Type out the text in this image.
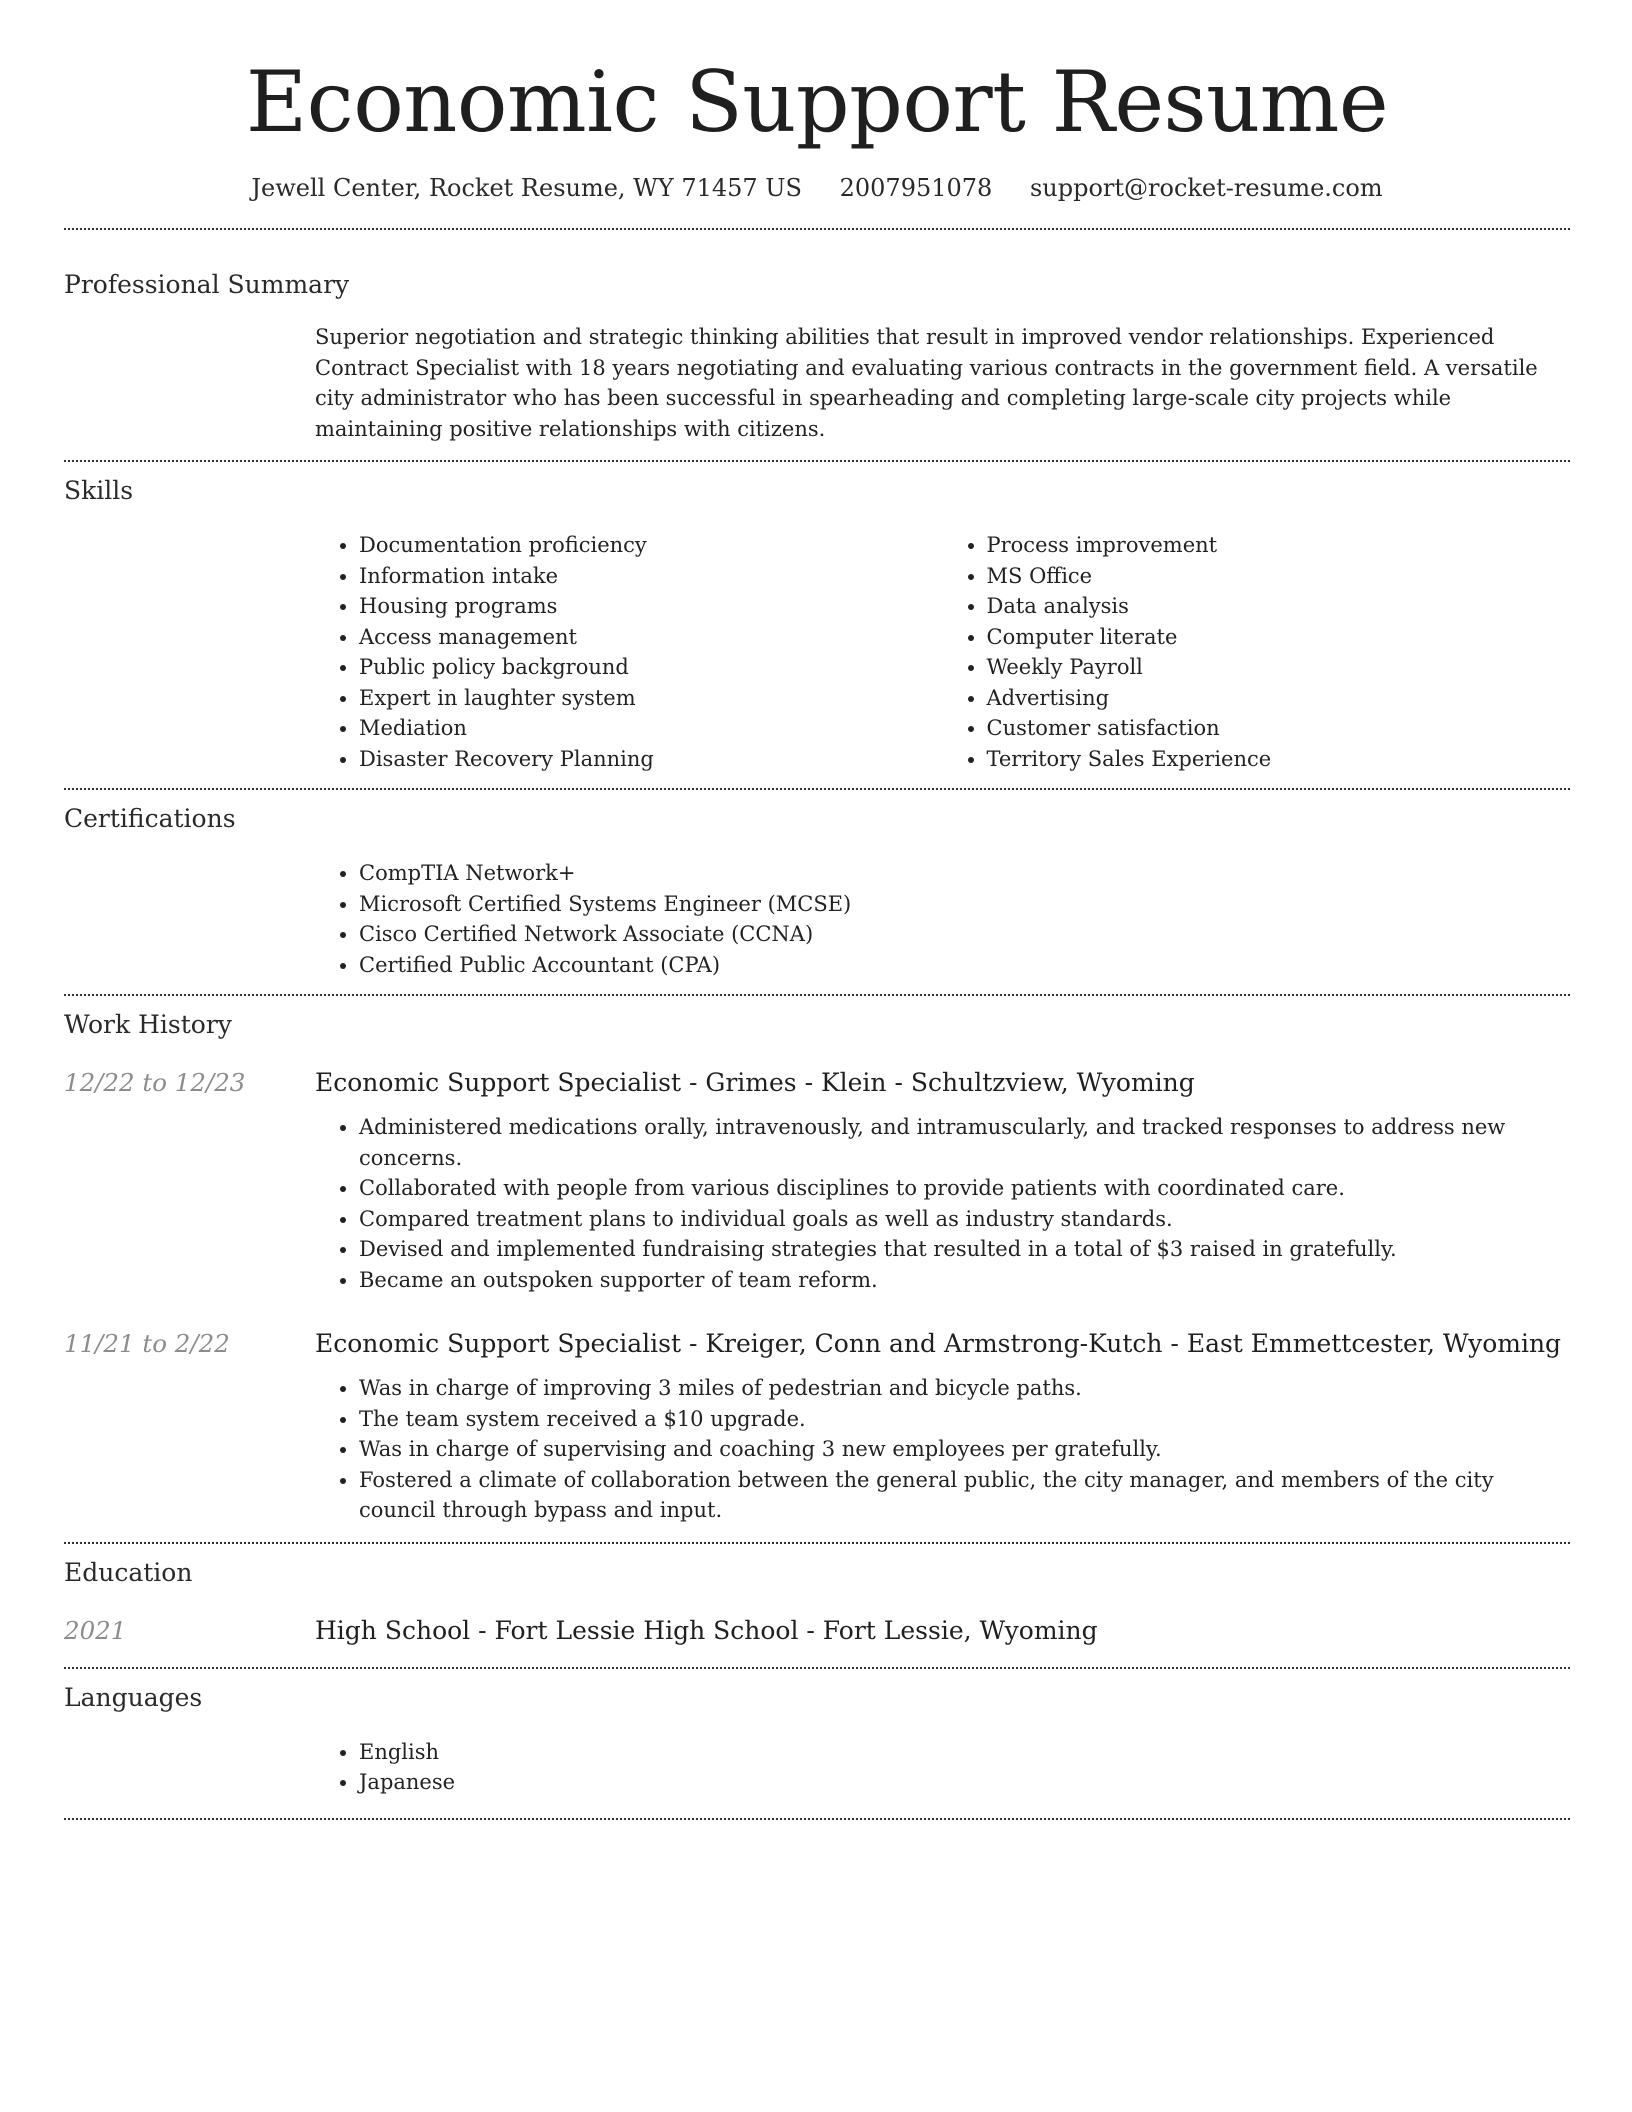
Economic Support Resume
Jewell Center, Rocket Resume, WY 71457 US 2007951078 support@rocket-resume.com
Professional Summary

Superior negotiation and strategic thinking abilities that result in improved vendor relationships. Experienced Contract Specialist with 18 years negotiating and evaluating various contracts in the government field. A versatile city administrator who has been successful in spearheading and completing large-scale city projects while maintaining positive relationships with citizens.

Skills
• Documentation proficiency
• Information intake
• Housing programs
• Access management
• Public policy background
• Expert in laughter system
• Mediation
• Disaster Recovery Planning
• Process improvement
• MS Office
• Data analysis
• Computer literate
• Weekly Payroll
• Advertising
• Customer satisfaction
• Territory Sales Experience
Certifications
• CompTIA Network+
• Microsoft Certified Systems Engineer (MCSE)
• Cisco Certified Network Associate (CCNA)
• Certified Public Accountant (CPA)
Work History
12/22 to 12/23	Economic Support Specialist - Grimes - Klein - Schultzview, Wyoming
• Administered medications orally, intravenously, and intramuscularly, and tracked responses to address new concerns.
• Collaborated with people from various disciplines to provide patients with coordinated care.
• Compared treatment plans to individual goals as well as industry standards.
• Devised and implemented fundraising strategies that resulted in a total of $3 raised in gratefully.
• Became an outspoken supporter of team reform.
11/21 to 2/22	Economic Support Specialist - Kreiger, Conn and Armstrong-Kutch - East Emmettcester, Wyoming
• Was in charge of improving 3 miles of pedestrian and bicycle paths.
• The team system received a $10 upgrade.
• Was in charge of supervising and coaching 3 new employees per gratefully.
• Fostered a climate of collaboration between the general public, the city manager, and members of the city council through bypass and input.
Education
2021	High School - Fort Lessie High School - Fort Lessie, Wyoming
Languages
• English
• Japanese
